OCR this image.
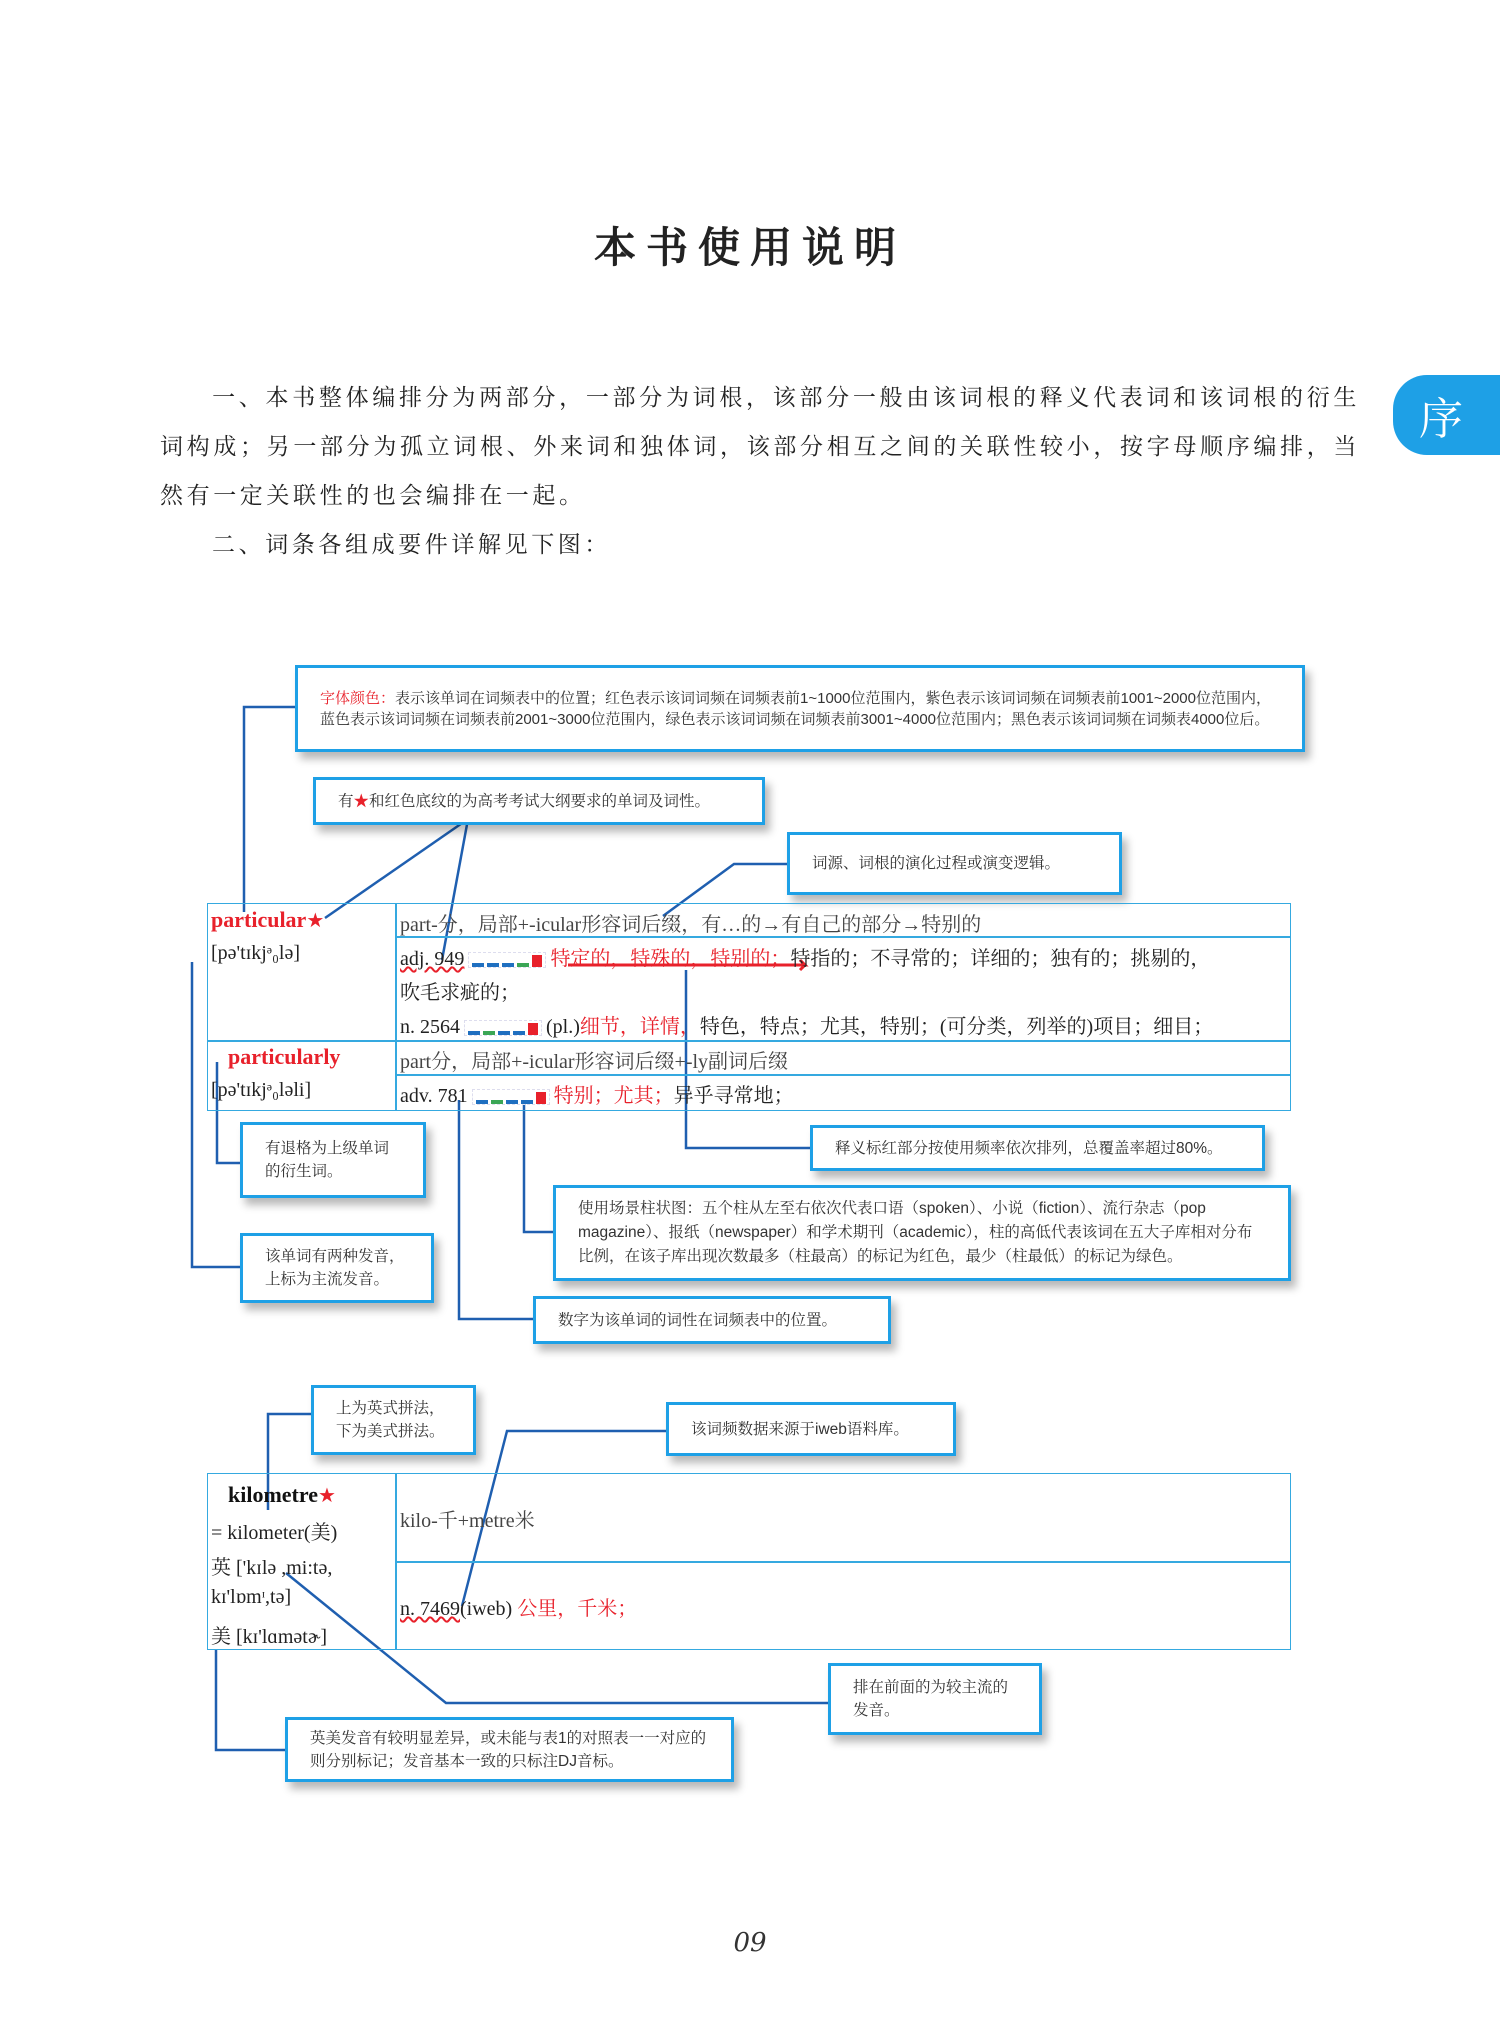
本书使用说明
序
一、本书整体编排分为两部分，一部分为词根，该部分一般由该词根的释义代表词和该词根的衍生词构成；另一部分为孤立词根、外来词和独体词，该部分相互之间的关联性较小，按字母顺序编排，当然有一定关联性的也会编排在一起。
二、词条各组成要件详解见下图：
字体颜色：表示该单词在词频表中的位置；红色表示该词词频在词频表前1~1000位范围内，紫色表示该词词频在词频表前1001~2000位范围内，蓝色表示该词词频在词频表前2001~3000位范围内，绿色表示该词词频在词频表前3001~4000位范围内；黑色表示该词词频在词频表4000位后。
有★和红色底纹的为高考考试大纲要求的单词及词性。
词源、词根的演化过程或演变逻辑。
释义标红部分按使用频率依次排列，总覆盖率超过80%。
有退格为上级单词的衍生词。
使用场景柱状图：五个柱从左至右依次代表口语（spoken）、小说（fiction）、流行杂志（pop magazine）、报纸（newspaper）和学术期刊（academic），柱的高低代表该词在五大子库相对分布比例，在该子库出现次数最多（柱最高）的标记为红色，最少（柱最低）的标记为绿色。
该单词有两种发音，上标为主流发音。
数字为该单词的词性在词频表中的位置。
上为英式拼法，下为美式拼法。	该词频数据来源于iweb语料库。
排在前面的为较主流的发音。
英美发音有较明显差异，或未能与表1的对照表一一对应的则分别标记；发音基本一致的只标注DJ音标。
particular★
[pə'tɪkjᵊ₀lə]
part-分，局部+-icular形容词后缀，有…的→有自己的部分→特别的
adj. 949	特定的，特殊的，特别的；特指的；不寻常的；详细的；独有的；挑剔的，
吹毛求疵的；
n. 2564	(pl.)细节，详情，特色，特点；尤其，特别；(可分类，列举的)项目；细目；
particularly
[pə'tɪkjᵊ₀ləli]
part分，局部+-icular形容词后缀+-ly副词后缀
adv. 781	特别；尤其；异乎寻常地；
kilometre★
= kilometer(美)
英 ['kɪlə ,mi:tə,
kɪ'lɒmᶦ,tə]
美 [kɪ'lɑmətɚ]
kilo-千+metre米
n. 7469(iweb) 公里，千米；
09
